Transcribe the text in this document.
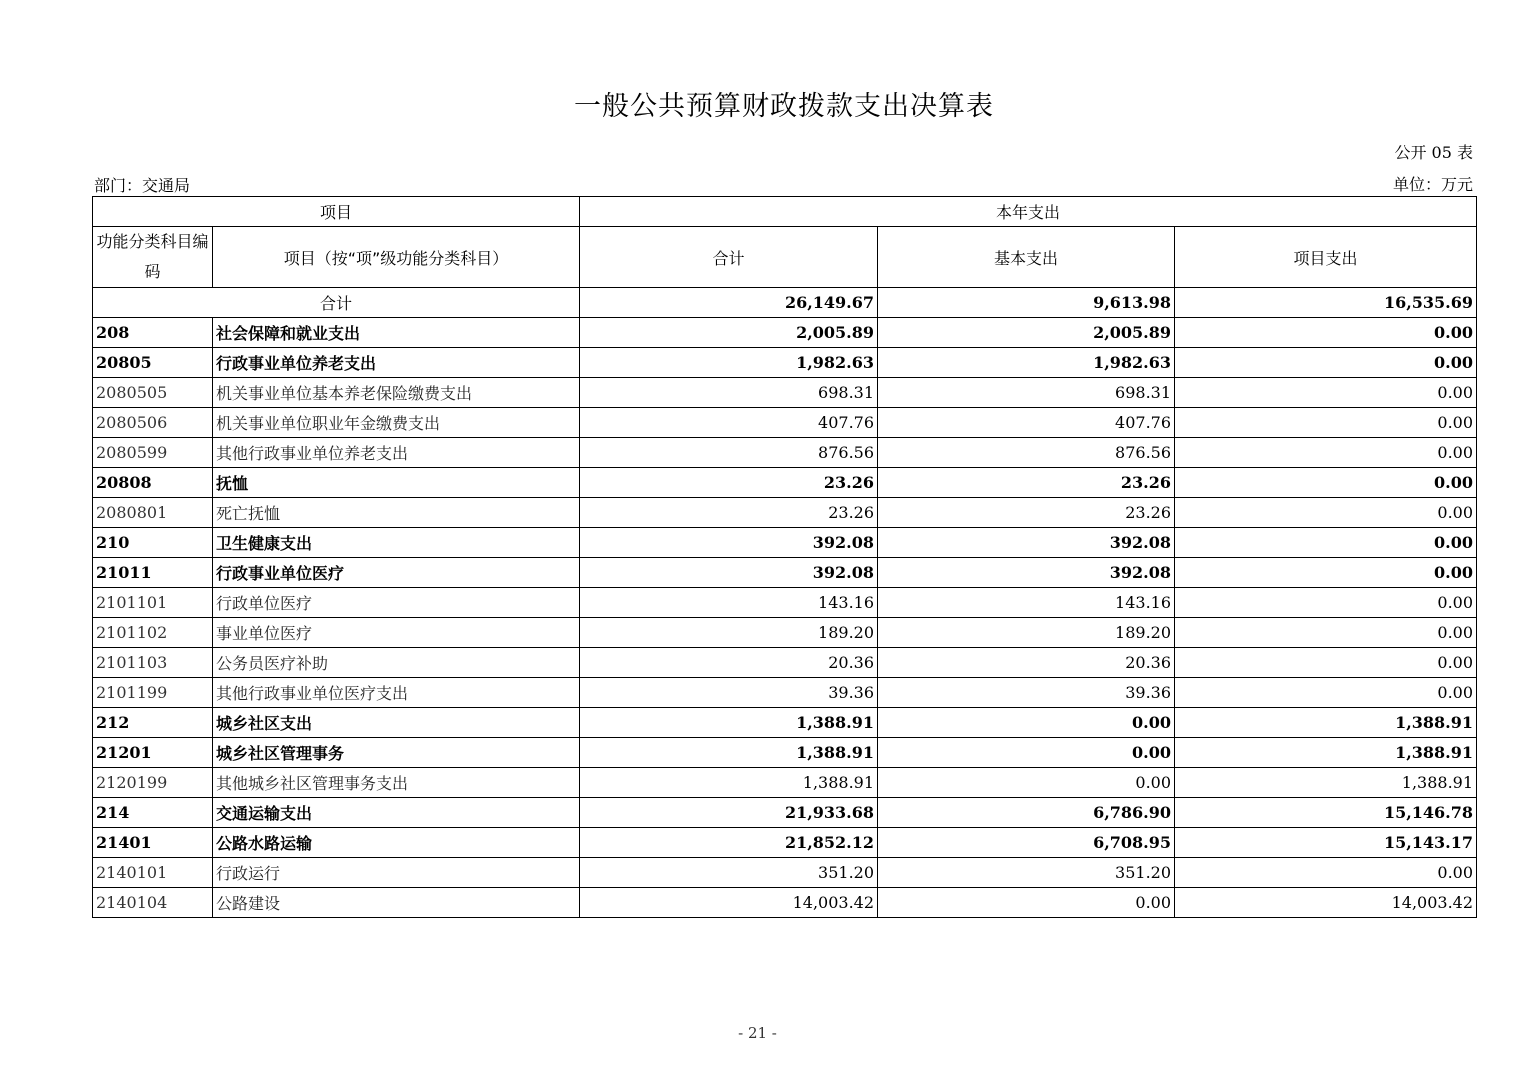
一般公共预算财政拨款支出决算表
公开 05 表
部门：交通局	单位：万元
项目		本年支出		
功能分类科目编码	项目（按“项”级功能分类科目）	合计	基本支出	项目支出
合计		26,149.67	9,613.98	16,535.69
208	社会保障和就业支出	2,005.89	2,005.89	0.00
20805	行政事业单位养老支出	1,982.63	1,982.63	0.00
2080505	机关事业单位基本养老保险缴费支出	698.31	698.31	0.00
2080506	机关事业单位职业年金缴费支出	407.76	407.76	0.00
2080599	其他行政事业单位养老支出	876.56	876.56	0.00
20808	抚恤	23.26	23.26	0.00
2080801	死亡抚恤	23.26	23.26	0.00
210	卫生健康支出	392.08	392.08	0.00
21011	行政事业单位医疗	392.08	392.08	0.00
2101101	行政单位医疗	143.16	143.16	0.00
2101102	事业单位医疗	189.20	189.20	0.00
2101103	公务员医疗补助	20.36	20.36	0.00
2101199	其他行政事业单位医疗支出	39.36	39.36	0.00
212	城乡社区支出	1,388.91	0.00	1,388.91
21201	城乡社区管理事务	1,388.91	0.00	1,388.91
2120199	其他城乡社区管理事务支出	1,388.91	0.00	1,388.91
214	交通运输支出	21,933.68	6,786.90	15,146.78
21401	公路水路运输	21,852.12	6,708.95	15,143.17
2140101	行政运行	351.20	351.20	0.00
2140104	公路建设	14,003.42	0.00	14,003.42
- 21 -
